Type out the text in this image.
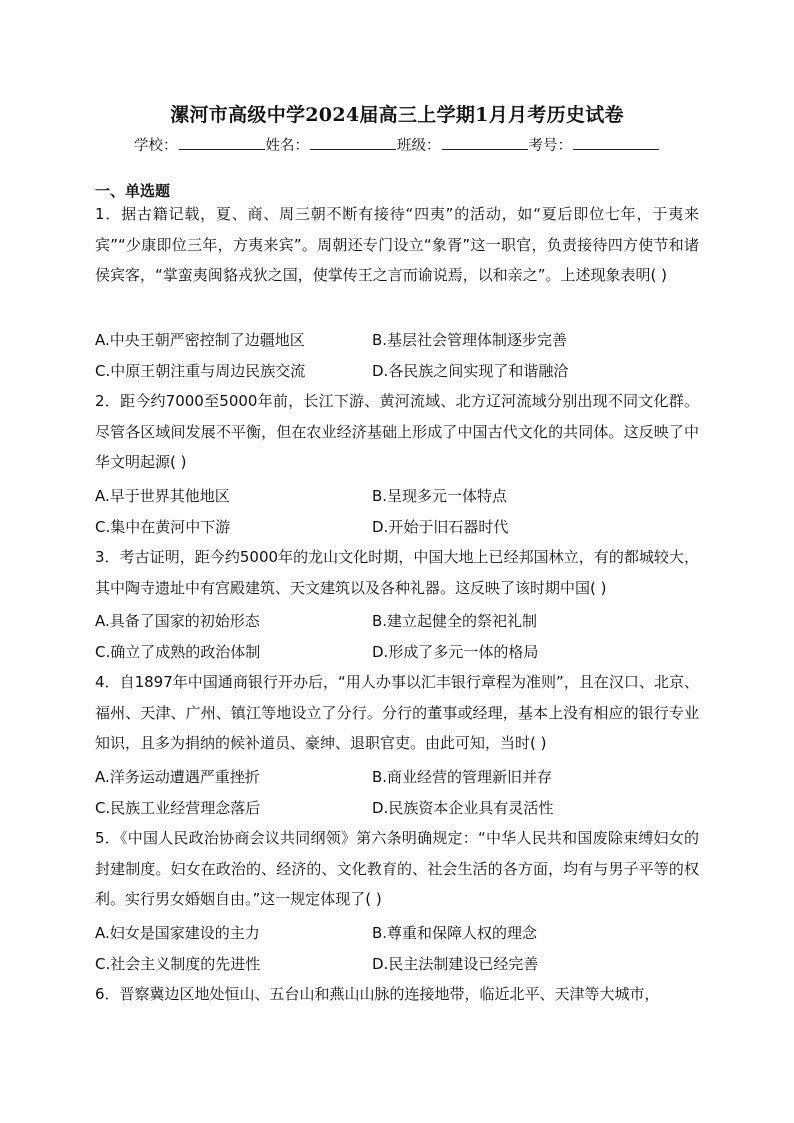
漯河市高级中学2024届高三上学期1月月考历史试卷
学校：	姓名：	班级：	考号：
一、单选题
1．据古籍记载，夏、商、周三朝不断有接待“四夷”的活动，如“夏后即位七年，于夷来宾”“少康即位三年，方夷来宾”。周朝还专门设立“象胥”这一职官，负责接待四方使节和诸侯宾客，“掌蛮夷闽貉戎狄之国，使掌传王之言而谕说焉，以和亲之”。上述现象表明( )
A.中央王朝严密控制了边疆地区	B.基层社会管理体制逐步完善
C.中原王朝注重与周边民族交流	D.各民族之间实现了和谐融洽
2．距今约7000至5000年前，长江下游、黄河流域、北方辽河流域分别出现不同文化群。尽管各区域间发展不平衡，但在农业经济基础上形成了中国古代文化的共同体。这反映了中华文明起源( )
A.早于世界其他地区	B.呈现多元一体特点
C.集中在黄河中下游	D.开始于旧石器时代
3．考古证明，距今约5000年的龙山文化时期，中国大地上已经邦国林立，有的都城较大，其中陶寺遗址中有宫殿建筑、天文建筑以及各种礼器。这反映了该时期中国( )
A.具备了国家的初始形态	B.建立起健全的祭祀礼制
C.确立了成熟的政治体制	D.形成了多元一体的格局
4．自1897年中国通商银行开办后，“用人办事以汇丰银行章程为准则”，且在汉口、北京、福州、天津、广州、镇江等地设立了分行。分行的董事或经理，基本上没有相应的银行专业知识，且多为捐纳的候补道员、豪绅、退职官吏。由此可知，当时( )
A.洋务运动遭遇严重挫折	B.商业经营的管理新旧并存
C.民族工业经营理念落后	D.民族资本企业具有灵活性
5．《中国人民政治协商会议共同纲领》第六条明确规定：“中华人民共和国废除束缚妇女的封建制度。妇女在政治的、经济的、文化教育的、社会生活的各方面，均有与男子平等的权利。实行男女婚姻自由。”这一规定体现了( )
A.妇女是国家建设的主力	B.尊重和保障人权的理念
C.社会主义制度的先进性	D.民主法制建设已经完善
6．晋察冀边区地处恒山、五台山和燕山山脉的连接地带，临近北平、天津等大城市，
